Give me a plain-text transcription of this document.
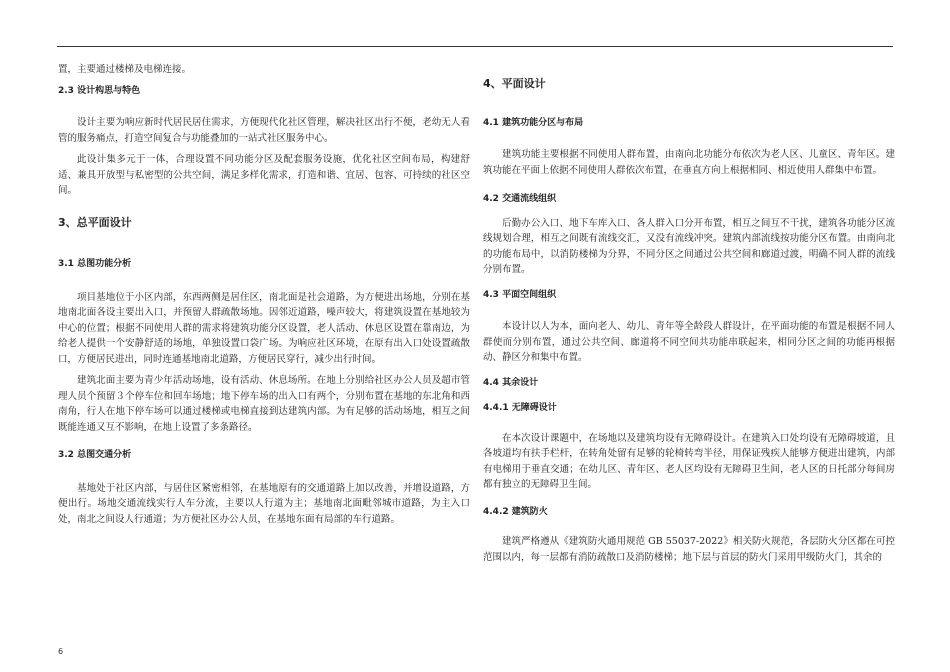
置，主要通过楼梯及电梯连接。

2.3 设计构思与特色

设计主要为响应新时代居民居住需求，方便现代化社区管理，解决社区出行不便，老幼无人看管的服务痛点，打造空间复合与功能叠加的一站式社区服务中心。

此设计集多元于一体，合理设置不同功能分区及配套服务设施，优化社区空间布局，构建舒适、兼具开放型与私密型的公共空间，满足多样化需求，打造和谐、宜居、包容、可持续的社区空间。

3、总平面设计

3.1 总图功能分析

项目基地位于小区内部，东西两侧是居住区，南北面是社会道路，为方便进出场地，分别在基地南北面各设主要出入口，并预留人群疏散场地。因邻近道路，噪声较大，将建筑设置在基地较为中心的位置；根据不同使用人群的需求将建筑功能分区设置，老人活动、休息区设置在靠南边，为给老人提供一个安静舒适的场地，单独设置口袋广场。为响应社区环境，在原有出入口处设置疏散口，方便居民进出，同时连通基地南北道路，方便居民穿行，减少出行时间。

建筑北面主要为青少年活动场地，设有活动、休息场所。在地上分别给社区办公人员及超市管理人员个预留３个停车位和回车场地；地下停车场的出入口有两个，分别布置在基地的东北角和西南角，行人在地下停车场可以通过楼梯或电梯直接到达建筑内部。为有足够的活动场地，相互之间既能连通又互不影响，在地上设置了多条路径。

3.2 总图交通分析

基地处于社区内部，与居住区紧密相邻，在基地原有的交通道路上加以改善，并增设道路，方便出行。场地交通流线实行人车分流，主要以人行道为主；基地南北面毗邻城市道路，为主入口处，南北之间设人行通道；为方便社区办公人员，在基地东面有局部的车行道路。

4、平面设计

4.1 建筑功能分区与布局

建筑功能主要根据不同使用人群布置，由南向北功能分布依次为老人区、儿童区、青年区。建筑功能在平面上依据不同使用人群依次布置，在垂直方向上根据相同、相近使用人群集中布置。

4.2 交通流线组织

后勤办公入口、地下车库入口、各人群入口分开布置，相互之间互不干扰，建筑各功能分区流线规划合理，相互之间既有流线交汇，又没有流线冲突。建筑内部流线按功能分区布置。由南向北的功能布局中，以消防楼梯为分界，不同分区之间通过公共空间和廊道过渡，明确不同人群的流线分别布置。

4.3 平面空间组织

本设计以人为本，面向老人、幼儿、青年等全龄段人群设计，在平面功能的布置是根据不同人群使而分别布置，通过公共空间、廊道将不同空间共功能串联起来，相同分区之间的功能再根据动、静区分和集中布置。

4.4 其余设计

4.4.1 无障碍设计

在本次设计课题中，在场地以及建筑均设有无障碍设计。在建筑入口处均设有无障碍坡道，且各坡道均有扶手栏杆，在转角处留有足够的轮椅转弯半径，用保证残疾人能够方便进出建筑，内部有电梯用于垂直交通；在幼儿区、青年区、老人区均设有无障碍卫生间，老人区的日托部分每间房都有独立的无障碍卫生间。

4.4.2 建筑防火

建筑严格遵从《建筑防火通用规范 GB 55037-2022》相关防火规范，各层防火分区都在可控范围以内，每一层都有消防疏散口及消防楼梯；地下层与首层的防火门采用甲级防火门，其余的

6
